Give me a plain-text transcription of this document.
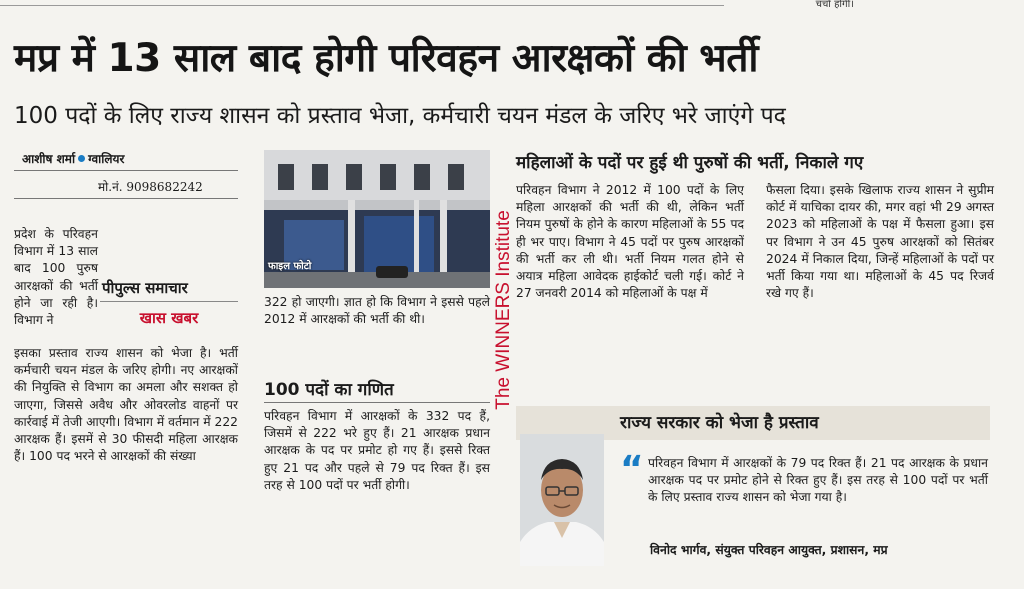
चर्चा होगी।
मप्र में 13 साल बाद होगी परिवहन आरक्षकों की भर्ती
100 पदों के लिए राज्य शासन को प्रस्ताव भेजा, कर्मचारी चयन मंडल के जरिए भरे जाएंगे पद
आशीष शर्मा ग्वालियर
मो.नं. 9098682242

प्रदेश के परिवहन विभाग में 13 साल बाद 100 पुरुष आरक्षकों की भर्ती होने जा रही है। विभाग ने

पीपुल्स समाचार
खास खबर

इसका प्रस्ताव राज्य शासन को भेजा है। भर्ती कर्मचारी चयन मंडल के जरिए होगी। नए आरक्षकों की नियुक्ति से विभाग का अमला और सशक्त हो जाएगा, जिससे अवैध और ओवरलोड वाहनों पर कार्रवाई में तेजी आएगी। विभाग में वर्तमान में 222 आरक्षक हैं। इसमें से 30 फीसदी महिला आरक्षक हैं। 100 पद भरने से आरक्षकों की संख्या

फाइल फोटो
322 हो जाएगी। ज्ञात हो कि विभाग ने इससे पहले 2012 में आरक्षकों की भर्ती की थी।
100 पदों का गणित
परिवहन विभाग में आरक्षकों के 332 पद हैं, जिसमें से 222 भरे हुए हैं। 21 आरक्षक प्रधान आरक्षक के पद पर प्रमोट हो गए हैं। इससे रिक्त हुए 21 पद और पहले से 79 पद रिक्त हैं। इस तरह से 100 पदों पर भर्ती होगी।
The WINNERS Institute
महिलाओं के पदों पर हुई थी पुरुषों की भर्ती, निकाले गए
परिवहन विभाग ने 2012 में 100 पदों के लिए महिला आरक्षकों की भर्ती की थी, लेकिन भर्ती नियम पुरुषों के होने के कारण महिलाओं के 55 पद ही भर पाए। विभाग ने 45 पदों पर पुरुष आरक्षकों की भर्ती कर ली थी। भर्ती नियम गलत होने से अयात्र महिला आवेदक हाईकोर्ट चली गई। कोर्ट ने 27 जनवरी 2014 को महिलाओं के पक्ष में
फैसला दिया। इसके खिलाफ राज्य शासन ने सुप्रीम कोर्ट में याचिका दायर की, मगर वहां भी 29 अगस्त 2023 को महिलाओं के पक्ष में फैसला हुआ। इस पर विभाग ने उन 45 पुरुष आरक्षकों को सितंबर 2024 में निकाल दिया, जिन्हें महिलाओं के पदों पर भर्ती किया गया था। महिलाओं के 45 पद रिजर्व रखे गए हैं।
राज्य सरकार को भेजा है प्रस्ताव
“ परिवहन विभाग में आरक्षकों के 79 पद रिक्त हैं। 21 पद आरक्षक के प्रधान आरक्षक पद पर प्रमोट होने से रिक्त हुए हैं। इस तरह से 100 पदों पर भर्ती के लिए प्रस्ताव राज्य शासन को भेजा गया है।
विनोद भार्गव, संयुक्त परिवहन आयुक्त, प्रशासन, मप्र
